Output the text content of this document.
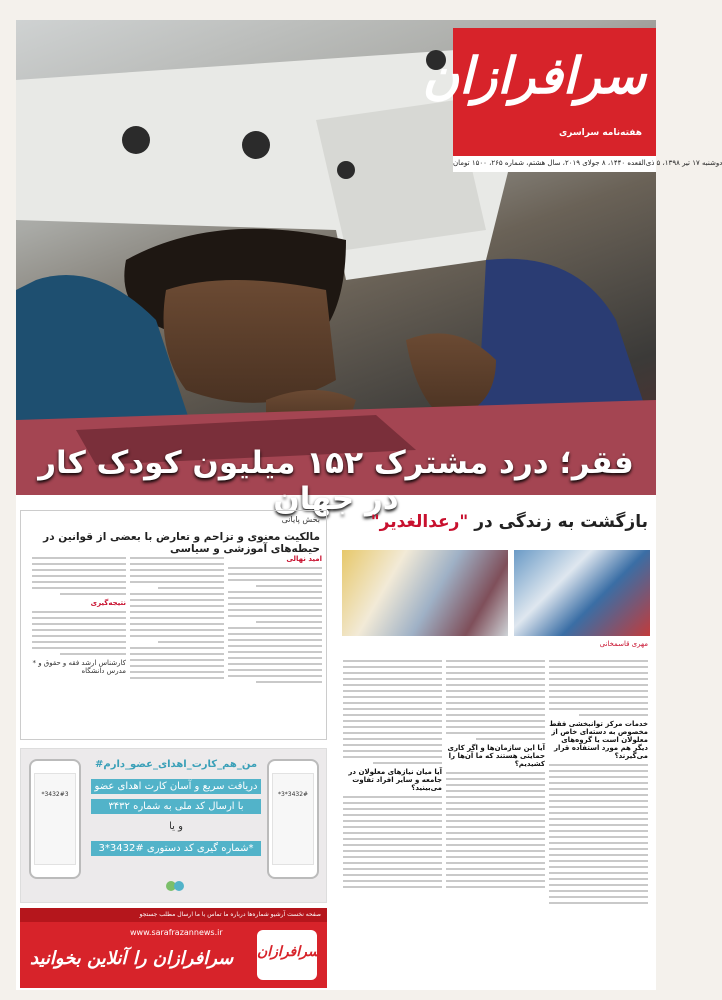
سرافرازان
هفته‌نامه سراسری
دوشنبه ۱۷ تیر ۱۳۹۸، ۵ ذی‌القعده ۱۴۴۰، ۸ جولای ۲۰۱۹، سال هشتم، شماره ۲۶۵، ۱۵۰۰ تومان
فقر؛ درد مشترک ۱۵۲ میلیون کودک کار در جهان
بخش پایانی
مالکیت معنوی و تزاحم و تعارض با بعضی از قوانین در حیطه‌های آموزشی و سیاسی
امید نهالی
نتیجه‌گیری
* کارشناس ارشد فقه و حقوق و مدرس دانشگاه
بازگشت به زندگی در "رعدالغدیر"
مهری قاسمخانی
خدمات مرکز توانبخشی فقط مخصوص به دسته‌ای خاص از معلولان است یا گروه‌های دیگر هم مورد استفاده قرار می‌گیرند؟
آیا این سازمان‌ها و اگر کاری حمایتی هستند که ما آن‌ها را کشیدیم؟
آیا میان نیازهای معلولان در جامعه و سایر افراد تفاوت می‌بینید؟
*3432#3	*3*3432#
#من_هم_کارت_اهدای_عضو_دارم
دریافت سریع و آسان کارت اهدای عضو
با ارسال کد ملی به شماره ۳۴۳۲
و یا
شماره گیری کد دستوری #3432*3*
صفحه نخست آرشیو شماره‌ها درباره ما تماس با ما ارسال مطلب جستجو
www.sarafrazannews.ir
سرافرازان را آنلاین بخوانید سرافرازان
